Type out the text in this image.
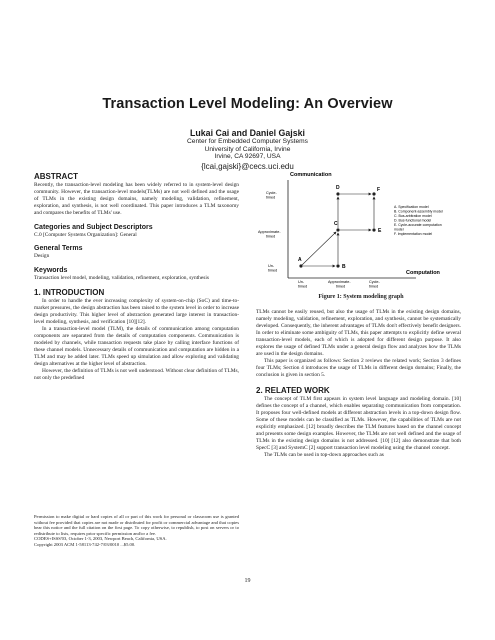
Transaction Level Modeling: An Overview
Lukai Cai and Daniel Gajski
Center for Embedded Computer Systems
University of California, Irvine
Irvine, CA 92697, USA
{lcai,gajski}@cecs.uci.edu
ABSTRACT

Recently, the transaction-level modeling has been widely referred to in system-level design community. However, the transaction-level models(TLMs) are not well defined and the usage of TLMs in the existing design domains, namely modeling, validation, refinement, exploration, and synthesis, is not well coordinated. This paper introduces a TLM taxonomy and compares the benefits of TLMs' use.

Categories and Subject Descriptors

C.0 [Computer Systems Organization]: General

General Terms

Design

Keywords

Transaction level model, modeling, validation, refinement, exploration, synthesis

1. INTRODUCTION

In order to handle the ever increasing complexity of system-on-chip (SoC) and time-to-market pressures, the design abstraction has been raised to the system level in order to increase design productivity. This higher level of abstraction generated large interest in transaction-level modeling, synthesis, and verification [10][12].

In a transaction-level model (TLM), the details of communication among computation components are separated from the details of computation components. Communication is modeled by channels, while transaction requests take place by calling interface functions of these channel models. Unnecessary details of communication and computation are hidden in a TLM and may be added later. TLMs speed up simulation and allow exploring and validating design alternatives at the higher level of abstraction.

However, the definition of TLMs is not well understood. Without clear definition of TLMs, not only the predefined

Permission to make digital or hard copies of all or part of this work for personal or classroom use is granted without fee provided that copies are not made or distributed for profit or commercial advantage and that copies bear this notice and the full citation on the first page. To copy otherwise, to republish, to post on servers or to redistribute to lists, requires prior specific permission and/or a fee.

CODES+ISSS'03, October 1-3, 2003, Newport Beach, California, USA.

Copyright 2003 ACM 1-58113-742-7/03/0010 ...$5.00.

Communication
Cycle-
timed
Approximate-
timed
Un-
timed
Un-
timed
Approximate-
timed
Cycle-
timed
Computation
A
B
C
D
E
F
A. Specification model
B. Component-assembly model
C. Bus-arbitration model
D. Bus-functional model
E. Cycle-accurate computation
model
F. Implementation model
Figure 1: System modeling graph

TLMs cannot be easily reused, but also the usage of TLMs in the existing design domains, namely modeling, validation, refinement, exploration, and synthesis, cannot be systematically developed. Consequently, the inherent advantages of TLMs don't effectively benefit designers. In order to eliminate some ambiguity of TLMs, this paper attempts to explicitly define several transaction-level models, each of which is adopted for different design purpose. It also explores the usage of defined TLMs under a general design flow and analyzes how the TLMs are used in the design domains.

This paper is organized as follows: Section 2 reviews the related work; Section 3 defines four TLMs; Section 4 introduces the usage of TLMs in different design domains; Finally, the conclusion is given in section 5.

2. RELATED WORK

The concept of TLM first appears in system level language and modeling domain. [10] defines the concept of a channel, which enables separating communication from computation. It proposes four well-defined models at different abstraction levels in a top-down design flow. Some of these models can be classified as TLMs. However, the capabilities of TLMs are not explicitly emphasized. [12] broadly describes the TLM features based on the channel concept and presents some design examples. However, the TLMs are not well defined and the usage of TLMs in the existing design domains is not addressed. [10] [12] also demonstrate that both SpecC [3] and SystemC [2] support transaction level modeling using the channel concept.

The TLMs can be used in top-down approaches such as

19
